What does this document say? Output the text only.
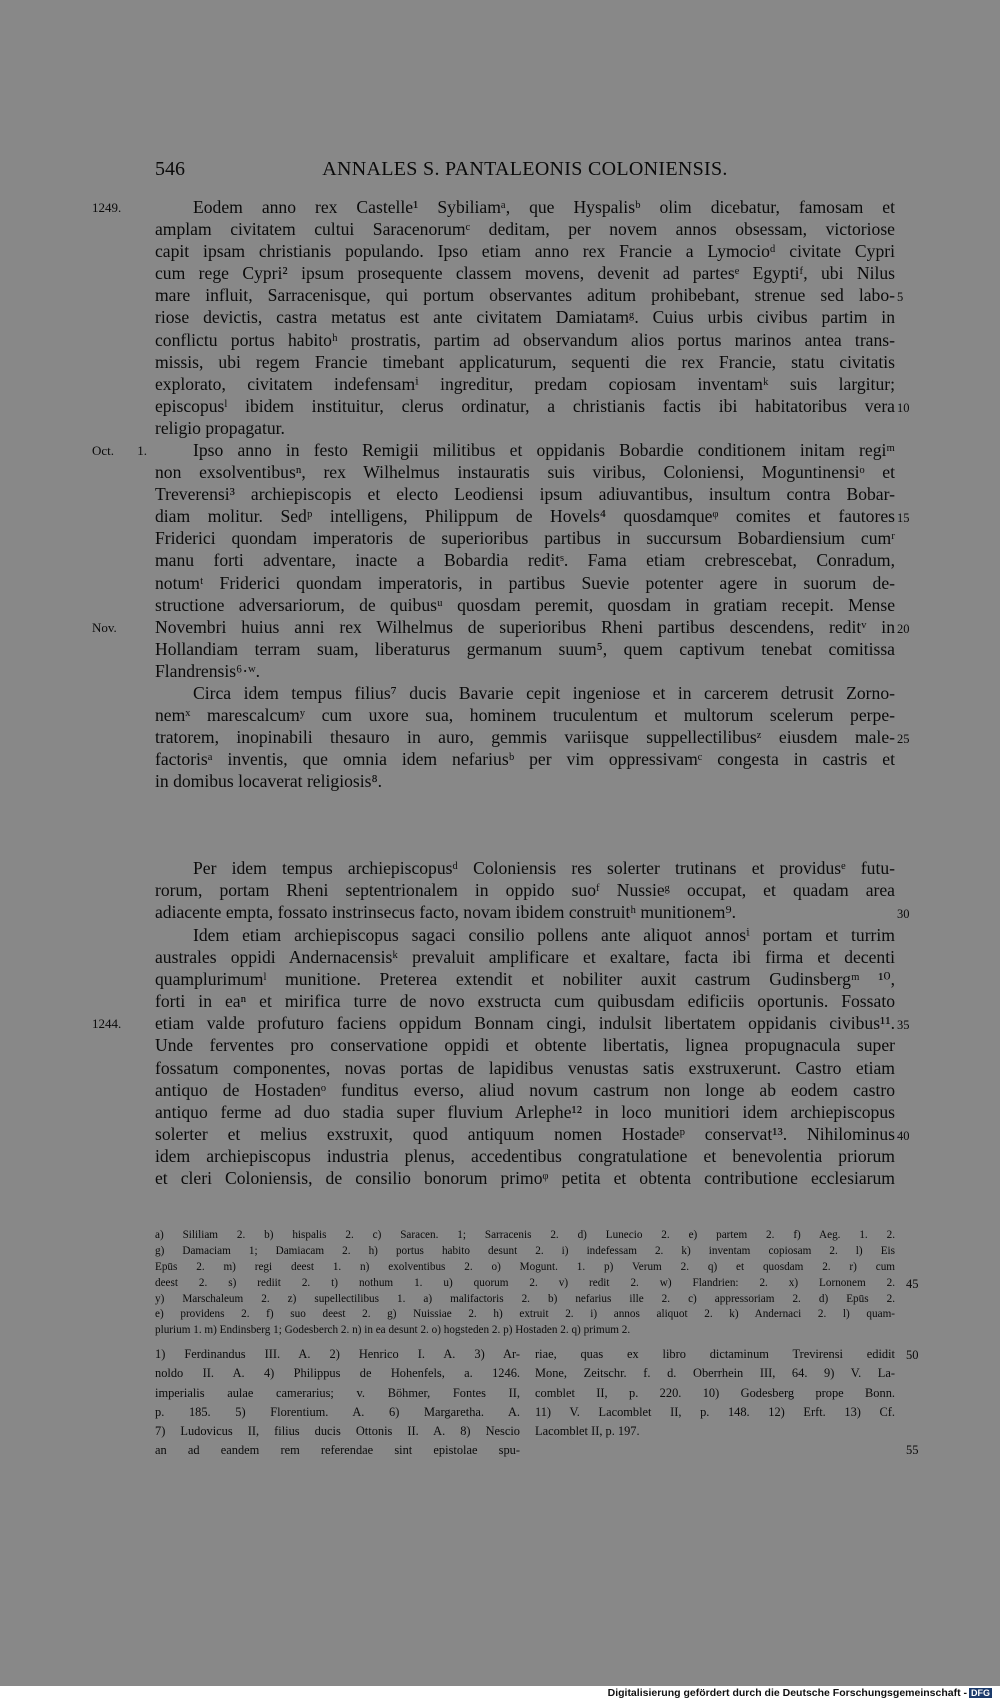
546	ANNALES S. PANTALEONIS COLONIENSIS.
1249.	Eodem anno rex Castelle¹ Sybiliamᵃ, que Hyspalisᵇ olim dicebatur, famosam et
amplam civitatem cultui Saracenorumᶜ deditam, per novem annos obsessam, victoriose
capit ipsam christianis populando. Ipso etiam anno rex Francie a Lymocioᵈ civitate Cypri
cum rege Cypri² ipsum prosequente classem movens, devenit ad partesᵉ Egyptiᶠ, ubi Nilus
mare influit, Sarracenisque, qui portum observantes aditum prohibebant, strenue sed labo- 5
riose devictis, castra metatus est ante civitatem Damiatamᵍ. Cuius urbis civibus partim in
conflictu portus habitoʰ prostratis, partim ad observandum alios portus marinos antea trans-
missis, ubi regem Francie timebant applicaturum, sequenti die rex Francie, statu civitatis
explorato, civitatem indefensamⁱ ingreditur, predam copiosam inventamᵏ suis largitur;
episcopusˡ ibidem instituitur, clerus ordinatur, a christianis factis ibi habitatoribus vera 10
religio propagatur.
Oct. 1.	Ipso anno in festo Remigii militibus et oppidanis Bobardie conditionem initam regiᵐ
non exsolventibusⁿ, rex Wilhelmus instauratis suis viribus, Coloniensi, Moguntinensiᵒ et
Treverensi³ archiepiscopis et electo Leodiensi ipsum adiuvantibus, insultum contra Bobar-
diam molitur. Sedᵖ intelligens, Philippum de Hovels⁴ quosdamqueᵠ comites et fautores 15
Friderici quondam imperatoris de superioribus partibus in succursum Bobardiensium cumʳ
manu forti adventare, inacte a Bobardia reditˢ. Fama etiam crebrescebat, Conradum,
notumᵗ Friderici quondam imperatoris, in partibus Suevie potenter agere in suorum de-
structione adversariorum, de quibusᵘ quosdam peremit, quosdam in gratiam recepit. Mense
Nov.	Novembri huius anni rex Wilhelmus de superioribus Rheni partibus descendens, reditᵛ in 20
Hollandiam terram suam, liberaturus germanum suum⁵, quem captivum tenebat comitissa
Flandrensis⁶·ʷ.
Circa idem tempus filius⁷ ducis Bavarie cepit ingeniose et in carcerem detrusit Zorno-
nemˣ marescalcumʸ cum uxore sua, hominem truculentum et multorum scelerum perpe-
tratorem, inopinabili thesauro in auro, gemmis variisque suppellectilibusᶻ eiusdem male- 25
factorisᵃ inventis, que omnia idem nefariusᵇ per vim oppressivamᶜ congesta in castris et
in domibus locaverat religiosis⁸.
Per idem tempus archiepiscopusᵈ Coloniensis res solerter trutinans et providusᵉ futu-
rorum, portam Rheni septentrionalem in oppido suoᶠ Nussieᵍ occupat, et quadam area
adiacente empta, fossato instrinsecus facto, novam ibidem construitʰ munitionem⁹.	30
Idem etiam archiepiscopus sagaci consilio pollens ante aliquot annosⁱ portam et turrim
australes oppidi Andernacensisᵏ prevaluit amplificare et exaltare, facta ibi firma et decenti
quamplurimumˡ munitione. Preterea extendit et nobiliter auxit castrum Gudinsbergᵐ ¹⁰,
forti in eaⁿ et mirifica turre de novo exstructa cum quibusdam edificiis oportunis. Fossato
1244.	etiam valde profuturo faciens oppidum Bonnam cingi, indulsit libertatem oppidanis civibus¹¹. 35
Unde ferventes pro conservatione oppidi et obtente libertatis, lignea propugnacula super
fossatum componentes, novas portas de lapidibus venustas satis exstruxerunt. Castro etiam
antiquo de Hostadenᵒ funditus everso, aliud novum castrum non longe ab eodem castro
antiquo ferme ad duo stadia super fluvium Arlephe¹² in loco munitiori idem archiepiscopus
solerter et melius exstruxit, quod antiquum nomen Hostadeᵖ conservat¹³. Nihilominus 40
idem archiepiscopus industria plenus, accedentibus congratulatione et benevolentia priorum
et cleri Coloniensis, de consilio bonorum primoᵠ petita et obtenta contributione ecclesiarum
a) Sililiam 2. b) hispalis 2. c) Saracen. 1; Sarracenis 2. d) Lunecio 2. e) partem 2. f) Aeg. 1. 2.
g) Damaciam 1; Damiacam 2. h) portus habito desunt 2. i) indefessam 2. k) inventam copiosam 2. l) Eis
Epūs 2. m) regi deest 1. n) exolventibus 2. o) Mogunt. 1. p) Verum 2. q) et quosdam 2. r) cum
deest 2. s) rediit 2. t) nothum 1. u) quorum 2. v) redit 2. w) Flandrien: 2. x) Lornonem 2.
y) Marschaleum 2. z) supellectilibus 1. a) malifactoris 2. b) nefarius ille 2. c) appressoriam 2. d) Epūs 2.
e) providens 2. f) suo deest 2. g) Nuissiae 2. h) extruit 2. i) annos aliquot 2. k) Andernaci 2. l) quam-
plurium 1. m) Endinsberg 1; Godesberch 2. n) in ea desunt 2. o) hogsteden 2. p) Hostaden 2. q) primum 2.
45
1) Ferdinandus III. A. 2) Henrico I. A. 3) Ar-
noldo II. A. 4) Philippus de Hohenfels, a. 1246.
imperialis aulae camerarius; v. Böhmer, Fontes II,
p. 185. 5) Florentium. A. 6) Margaretha. A.
7) Ludovicus II, filius ducis Ottonis II. A. 8) Nescio
an ad eandem rem referendae sint epistolae spu-
riae, quas ex libro dictaminum Trevirensi edidit
Mone, Zeitschr. f. d. Oberrhein III, 64. 9) V. La-
comblet II, p. 220. 10) Godesberg prope Bonn.
11) V. Lacomblet II, p. 148. 12) Erft. 13) Cf.
Lacomblet II, p. 197.
50
55
Digitalisierung gefördert durch die Deutsche Forschungsgemeinschaft - DFG
